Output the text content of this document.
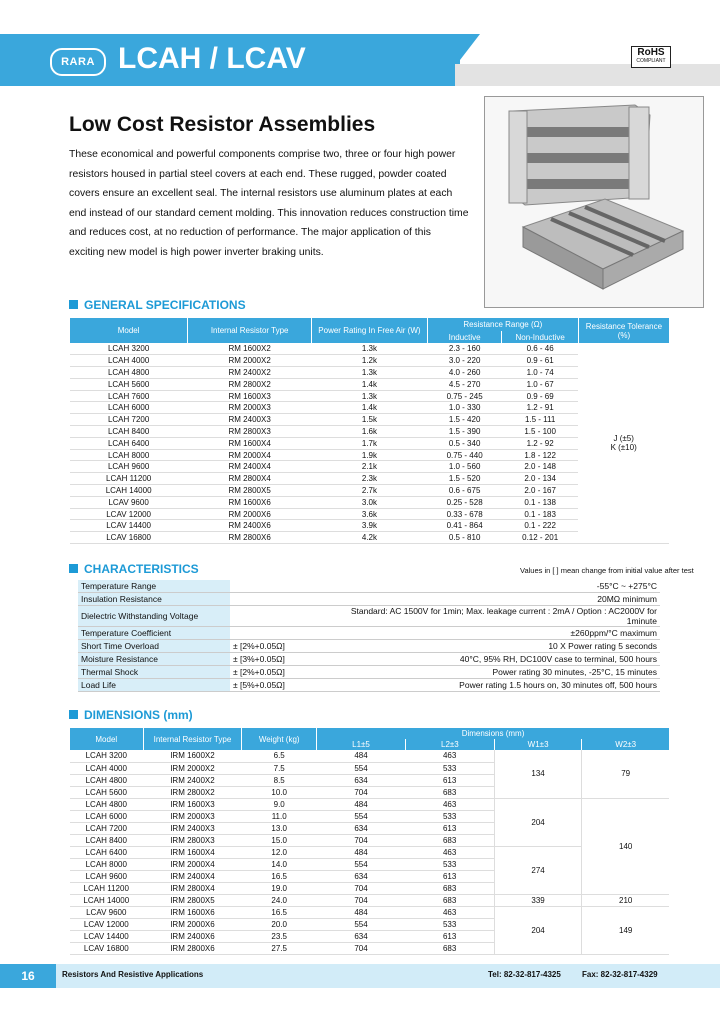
RARA LCAH / LCAV	RoHS
COMPLIANT
Low Cost Resistor Assemblies
These economical and powerful components comprise two, three or four high power resistors housed in partial steel covers at each end. These rugged, powder coated covers ensure an excellent seal. The internal resistors use aluminum plates at each end instead of our standard cement molding. This innovation reduces construction time and reduces cost, at no reduction of performance. The major application of this exciting new model is high power inverter braking units.
GENERAL SPECIFICATIONS
Model	Internal Resistor Type	Power Rating In Free Air (W)	Resistance Range (Ω)		Resistance Tolerance (%)
			Inductive	Non-Inductive	
LCAH 3200	RM 1600X2	1.3k	2.3 - 160	0.6 - 46	J (±5)
K (±10)

LCAH 4000	RM 2000X2	1.2k	3.0 - 220	0.9 - 61	
LCAH 4800	RM 2400X2	1.3k	4.0 - 260	1.0 - 74	
LCAH 5600	RM 2800X2	1.4k	4.5 - 270	1.0 - 67	
LCAH 7600	RM 1600X3	1.3k	0.75 - 245	0.9 - 69	
LCAH 6000	RM 2000X3	1.4k	1.0 - 330	1.2 - 91	
LCAH 7200	RM 2400X3	1.5k	1.5 - 420	1.5 - 111	
LCAH 8400	RM 2800X3	1.6k	1.5 - 390	1.5 - 100	
LCAH 6400	RM 1600X4	1.7k	0.5 - 340	1.2 - 92	
LCAH 8000	RM 2000X4	1.9k	0.75 - 440	1.8 - 122	
LCAH 9600	RM 2400X4	2.1k	1.0 - 560	2.0 - 148	
LCAH 11200	RM 2800X4	2.3k	1.5 - 520	2.0 - 134	
LCAH 14000	RM 2800X5	2.7k	0.6 - 675	2.0 - 167	
LCAV 9600	RM 1600X6	3.0k	0.25 - 528	0.1 - 138	
LCAV 12000	RM 2000X6	3.6k	0.33 - 678	0.1 - 183	
LCAV 14400	RM 2400X6	3.9k	0.41 - 864	0.1 - 222	
LCAV 16800	RM 2800X6	4.2k	0.5 - 810	0.12 - 201	
CHARACTERISTICS	Values in [ ] mean change from initial value after test
Temperature Range		-55°C ~ +275°C
Insulation Resistance		20MΩ minimum
Dielectric Withstanding Voltage		Standard: AC 1500V for 1min; Max. leakage current : 2mA / Option : AC2000V for 1minute
Temperature Coefficient		±260ppm/°C maximum
Short Time Overload	± [2%+0.05Ω]	10 X Power rating 5 seconds
Moisture Resistance	± [3%+0.05Ω]	40°C, 95% RH, DC100V case to terminal, 500 hours
Thermal Shock	± [2%+0.05Ω]	Power rating 30 minutes, -25°C, 15 minutes
Load Life	± [5%+0.05Ω]	Power rating 1.5 hours on, 30 minutes off, 500 hours
DIMENSIONS (mm)
Model	Internal Resistor Type	Weight (kg)	Dimensions (mm)			
			L1±5	L2±3	W1±3	W2±3
LCAH 3200	IRM 1600X2	6.5	484	463	134	79
LCAH 4000	IRM 2000X2	7.5	554	533		
LCAH 4800	IRM 2400X2	8.5	634	613		
LCAH 5600	IRM 2800X2	10.0	704	683		
LCAH 4800	IRM 1600X3	9.0	484	463	204	140
LCAH 6000	IRM 2000X3	11.0	554	533		
LCAH 7200	IRM 2400X3	13.0	634	613		
LCAH 8400	IRM 2800X3	15.0	704	683		
LCAH 6400	IRM 1600X4	12.0	484	463	274	
LCAH 8000	IRM 2000X4	14.0	554	533		
LCAH 9600	IRM 2400X4	16.5	634	613		
LCAH 11200	IRM 2800X4	19.0	704	683		
LCAH 14000	IRM 2800X5	24.0	704	683	339	210
LCAV 9600	IRM 1600X6	16.5	484	463	204	149
LCAV 12000	IRM 2000X6	20.0	554	533		
LCAV 14400	IRM 2400X6	23.5	634	613		
LCAV 16800	IRM 2800X6	27.5	704	683		
16	Resistors And Resistive Applications	Tel: 82-32-817-4325	Fax: 82-32-817-4329
